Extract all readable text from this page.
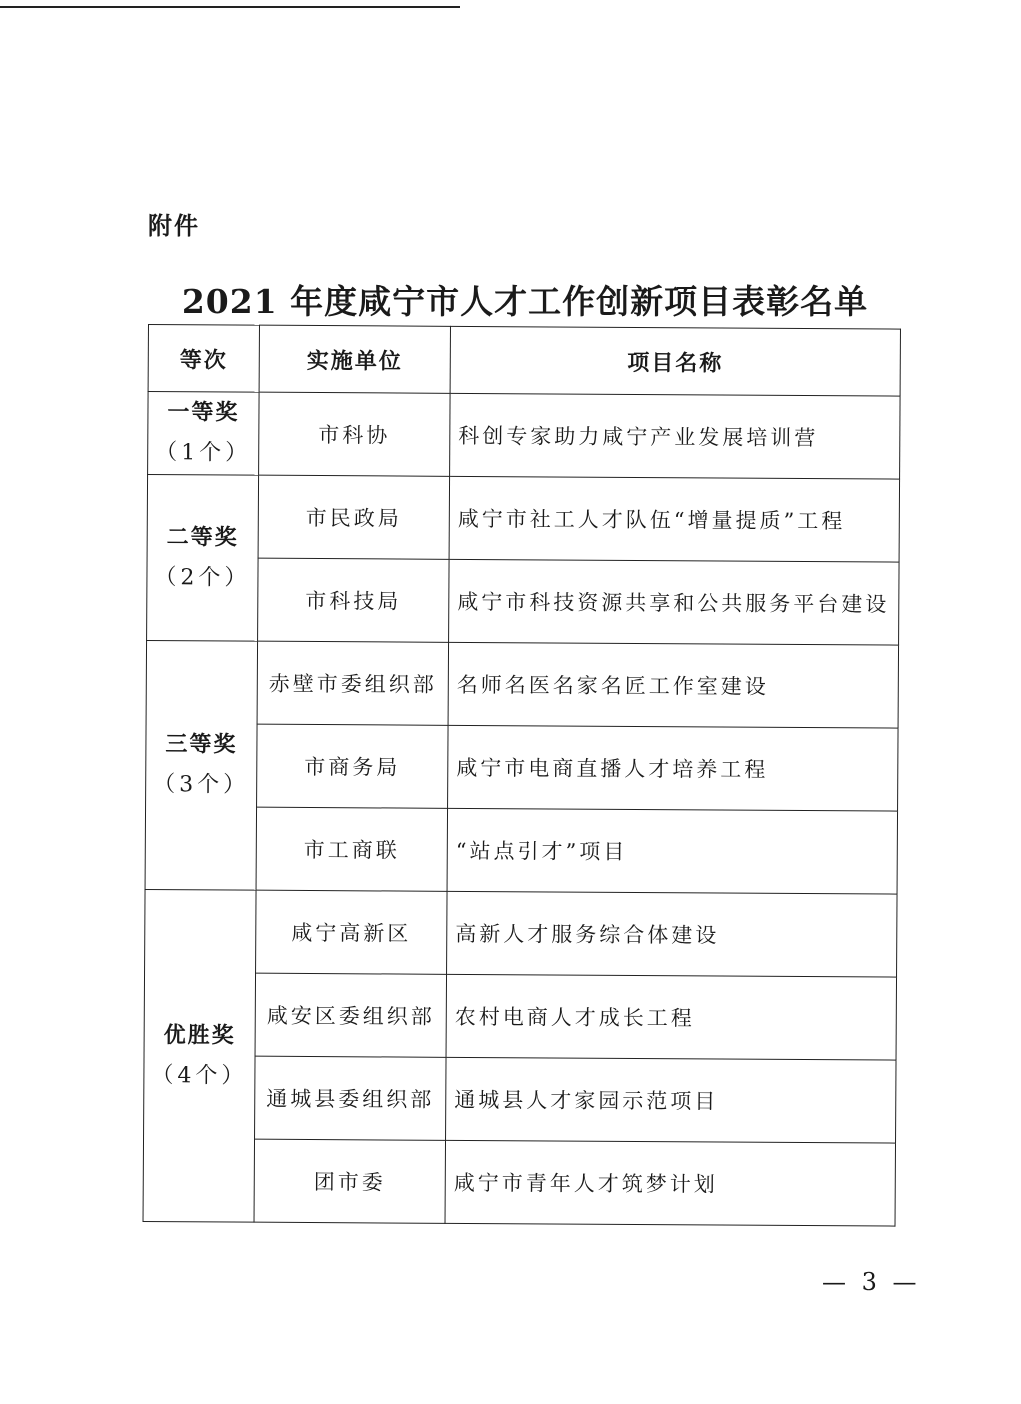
附件
2021 年度咸宁市人才工作创新项目表彰名单
等次	实施单位	项目名称

一等奖
（1个）	市科协	科创专家助力咸宁产业发展培训营

二等奖
（2个）	市民政局	咸宁市社工人才队伍“增量提质”工程
	市科技局	咸宁市科技资源共享和公共服务平台建设

三等奖
（3个）	赤壁市委组织部	名师名医名家名匠工作室建设
	市商务局	咸宁市电商直播人才培养工程
	市工商联	“站点引才”项目

优胜奖
（4个）	咸宁高新区	高新人才服务综合体建设
	咸安区委组织部	农村电商人才成长工程
	通城县委组织部	通城县人才家园示范项目
	团市委	咸宁市青年人才筑梦计划
— 3 —
